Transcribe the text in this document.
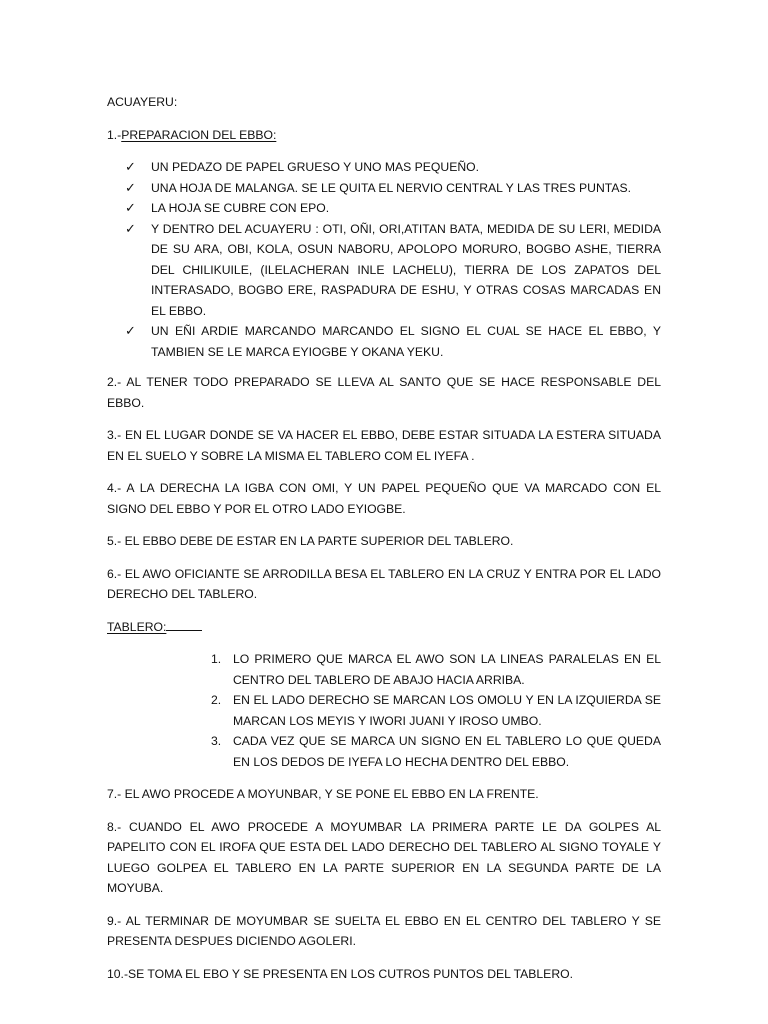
ACUAYERU:

1.-PREPARACION DEL EBBO:

✓ UN PEDAZO DE PAPEL GRUESO Y UNO MAS PEQUEÑO.
✓ UNA HOJA DE MALANGA. SE LE QUITA EL NERVIO CENTRAL Y LAS TRES PUNTAS.
✓ LA HOJA SE CUBRE CON EPO.
✓ Y DENTRO DEL ACUAYERU : OTI, OÑI, ORI,ATITAN BATA, MEDIDA DE SU LERI, MEDIDA DE SU ARA, OBI, KOLA, OSUN NABORU, APOLOPO MORURO, BOGBO ASHE, TIERRA DEL CHILIKUILE, (ILELACHERAN INLE LACHELU), TIERRA DE LOS ZAPATOS DEL INTERASADO, BOGBO ERE, RASPADURA DE ESHU, Y OTRAS COSAS MARCADAS EN EL EBBO.
✓ UN EÑI ARDIE MARCANDO MARCANDO EL SIGNO EL CUAL SE HACE EL EBBO, Y TAMBIEN SE LE MARCA EYIOGBE Y OKANA YEKU.

2.- AL TENER TODO PREPARADO SE LLEVA AL SANTO QUE SE HACE RESPONSABLE DEL EBBO.

3.- EN EL LUGAR DONDE SE VA HACER EL EBBO, DEBE ESTAR SITUADA LA ESTERA SITUADA EN EL SUELO Y SOBRE LA MISMA EL TABLERO COM EL IYEFA .

4.- A LA DERECHA LA IGBA CON OMI, Y UN PAPEL PEQUEÑO QUE VA MARCADO CON EL SIGNO DEL EBBO Y POR EL OTRO LADO EYIOGBE.

5.- EL EBBO DEBE DE ESTAR EN LA PARTE SUPERIOR DEL TABLERO.

6.- EL AWO OFICIANTE SE ARRODILLA BESA EL TABLERO EN LA CRUZ Y ENTRA POR EL LADO DERECHO DEL TABLERO.

TABLERO:

1. LO PRIMERO QUE MARCA EL AWO SON LA LINEAS PARALELAS EN EL CENTRO DEL TABLERO DE ABAJO HACIA ARRIBA.
2. EN EL LADO DERECHO SE MARCAN LOS OMOLU Y EN LA IZQUIERDA SE MARCAN LOS MEYIS Y IWORI JUANI Y IROSO UMBO.
3. CADA VEZ QUE SE MARCA UN SIGNO EN EL TABLERO LO QUE QUEDA EN LOS DEDOS DE IYEFA LO HECHA DENTRO DEL EBBO.

7.- EL AWO PROCEDE A MOYUNBAR, Y SE PONE EL EBBO EN LA FRENTE.

8.- CUANDO EL AWO PROCEDE A MOYUMBAR LA PRIMERA PARTE LE DA GOLPES AL PAPELITO CON EL IROFA QUE ESTA DEL LADO DERECHO DEL TABLERO AL SIGNO TOYALE Y LUEGO GOLPEA EL TABLERO EN LA PARTE SUPERIOR EN LA SEGUNDA PARTE DE LA MOYUBA.

9.- AL TERMINAR DE MOYUMBAR SE SUELTA EL EBBO EN EL CENTRO DEL TABLERO Y SE PRESENTA DESPUES DICIENDO AGOLERI.

10.-SE TOMA EL EBO Y SE PRESENTA EN LOS CUTROS PUNTOS DEL TABLERO.
